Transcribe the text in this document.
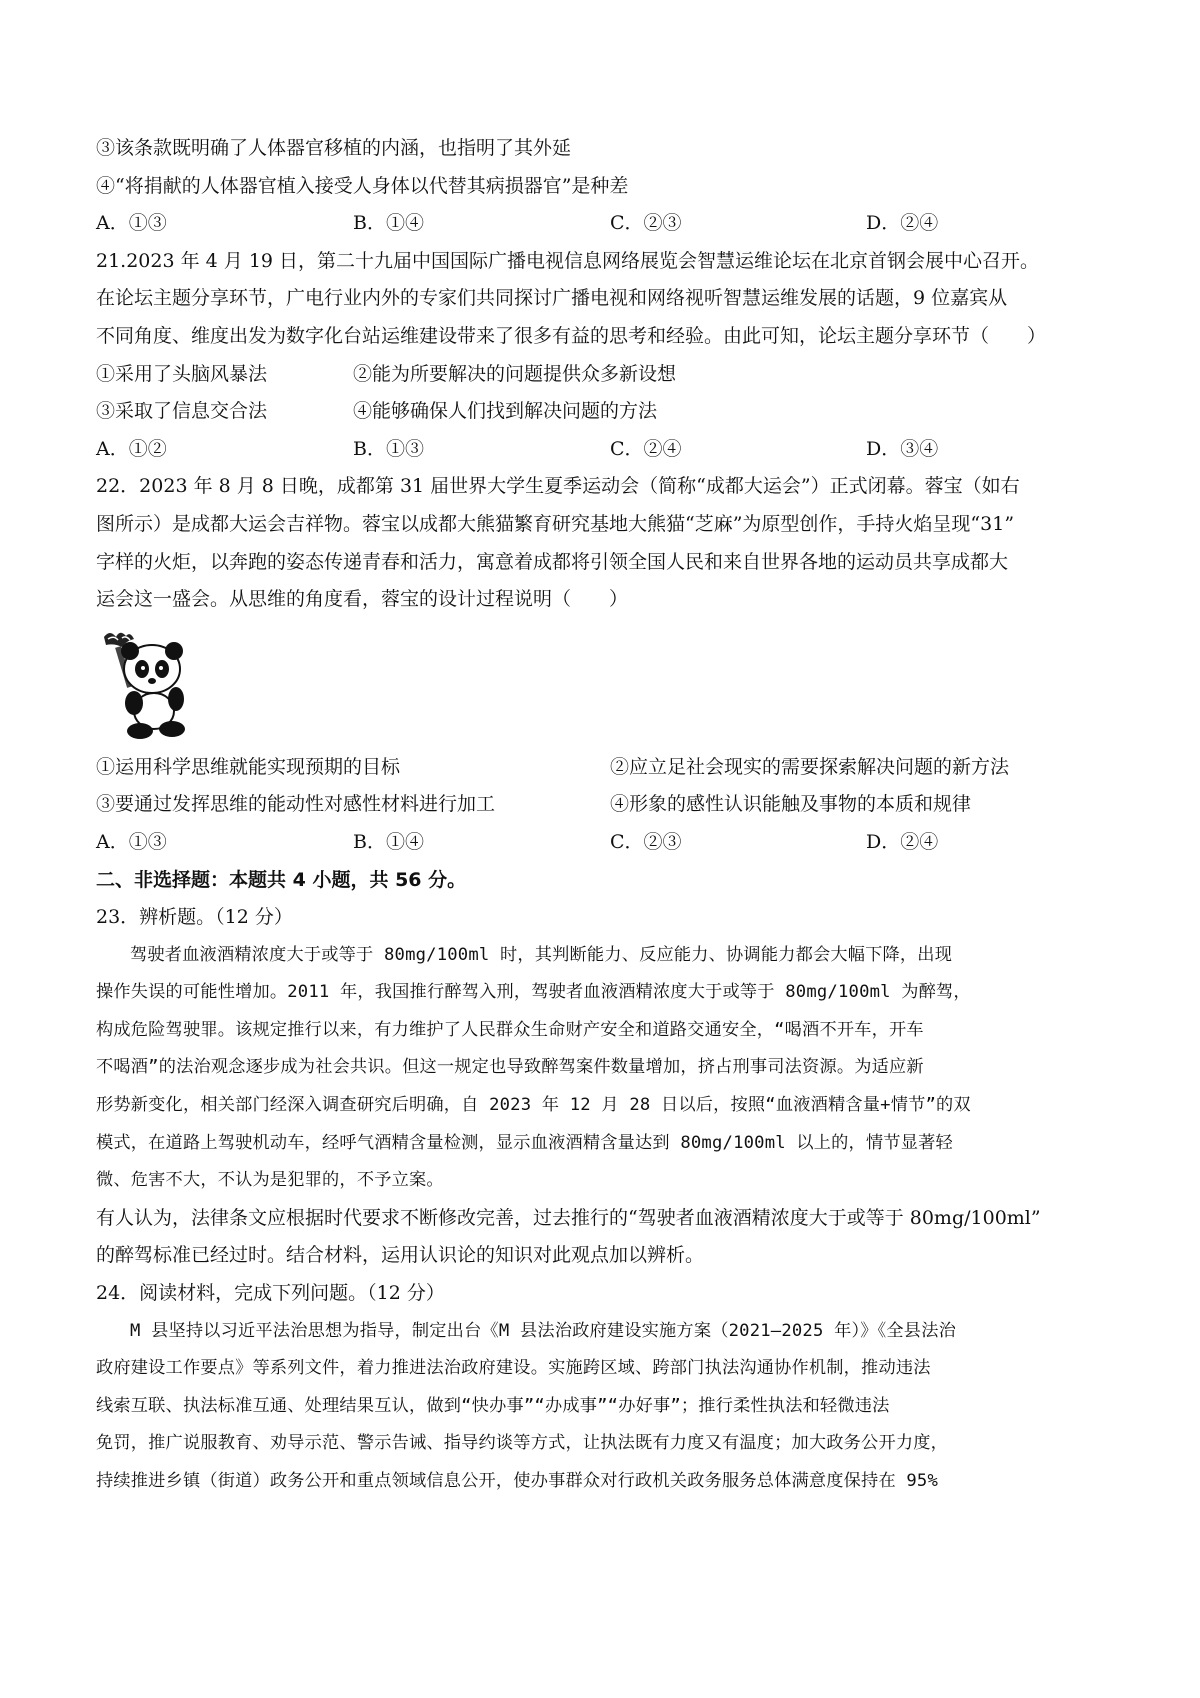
③该条款既明确了人体器官移植的内涵，也指明了其外延
④“将捐献的人体器官植入接受人身体以代替其病损器官”是种差
A．①③	B．①④	C．②③	D．②④
21.2023 年 4 月 19 日，第二十九届中国国际广播电视信息网络展览会智慧运维论坛在北京首钢会展中心召开。
在论坛主题分享环节，广电行业内外的专家们共同探讨广播电视和网络视听智慧运维发展的话题，9 位嘉宾从
不同角度、维度出发为数字化台站运维建设带来了很多有益的思考和经验。由此可知，论坛主题分享环节（　　）
①采用了头脑风暴法	②能为所要解决的问题提供众多新设想
③采取了信息交合法	④能够确保人们找到解决问题的方法
A．①②	B．①③	C．②④	D．③④
22．2023 年 8 月 8 日晚，成都第 31 届世界大学生夏季运动会（简称“成都大运会”）正式闭幕。蓉宝（如右
图所示）是成都大运会吉祥物。蓉宝以成都大熊猫繁育研究基地大熊猫“芝麻”为原型创作，手持火焰呈现“31”
字样的火炬，以奔跑的姿态传递青春和活力，寓意着成都将引领全国人民和来自世界各地的运动员共享成都大
运会这一盛会。从思维的角度看，蓉宝的设计过程说明（　　）
①运用科学思维就能实现预期的目标	②应立足社会现实的需要探索解决问题的新方法
③要通过发挥思维的能动性对感性材料进行加工	④形象的感性认识能触及事物的本质和规律
A．①③	B．①④	C．②③	D．②④
二、非选择题：本题共 4 小题，共 56 分。
23．辨析题。（12 分）
驾驶者血液酒精浓度大于或等于 80mg/100ml 时，其判断能力、反应能力、协调能力都会大幅下降，出现
操作失误的可能性增加。2011 年，我国推行醉驾入刑，驾驶者血液酒精浓度大于或等于 80mg/100ml 为醉驾，
构成危险驾驶罪。该规定推行以来，有力维护了人民群众生命财产安全和道路交通安全，“喝酒不开车，开车
不喝酒”的法治观念逐步成为社会共识。但这一规定也导致醉驾案件数量增加，挤占刑事司法资源。为适应新
形势新变化，相关部门经深入调查研究后明确，自 2023 年 12 月 28 日以后，按照“血液酒精含量+情节”的双
模式，在道路上驾驶机动车，经呼气酒精含量检测，显示血液酒精含量达到 80mg/100ml 以上的，情节显著轻
微、危害不大，不认为是犯罪的，不予立案。
有人认为，法律条文应根据时代要求不断修改完善，过去推行的“驾驶者血液酒精浓度大于或等于 80mg/100ml”
的醉驾标准已经过时。结合材料，运用认识论的知识对此观点加以辨析。
24．阅读材料，完成下列问题。（12 分）
M 县坚持以习近平法治思想为指导，制定出台《M 县法治政府建设实施方案（2021—2025 年）》《全县法治
政府建设工作要点》等系列文件，着力推进法治政府建设。实施跨区域、跨部门执法沟通协作机制，推动违法
线索互联、执法标准互通、处理结果互认，做到“快办事”“办成事”“办好事”；推行柔性执法和轻微违法
免罚，推广说服教育、劝导示范、警示告诫、指导约谈等方式，让执法既有力度又有温度；加大政务公开力度，
持续推进乡镇（街道）政务公开和重点领域信息公开，使办事群众对行政机关政务服务总体满意度保持在 95%
